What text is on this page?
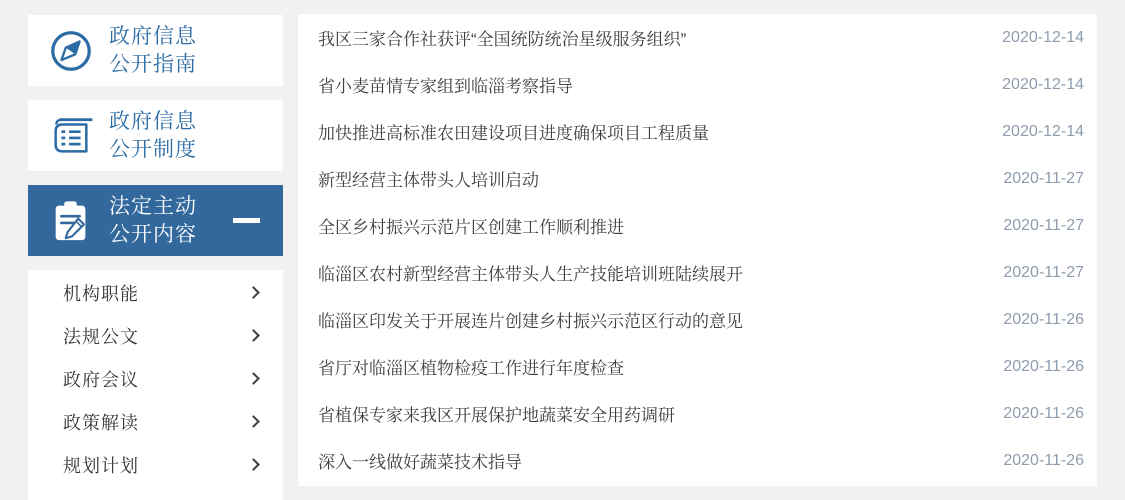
政府信息
公开指南
政府信息
公开制度
法定主动
公开内容
机构职能
法规公文
政府会议
政策解读
规划计划
我区三家合作社获评“全国统防统治星级服务组织”	2020-12-14
省小麦苗情专家组到临淄考察指导	2020-12-14
加快推进高标准农田建设项目进度确保项目工程质量	2020-12-14
新型经营主体带头人培训启动	2020-11-27
全区乡村振兴示范片区创建工作顺利推进	2020-11-27
临淄区农村新型经营主体带头人生产技能培训班陆续展开	2020-11-27
临淄区印发关于开展连片创建乡村振兴示范区行动的意见	2020-11-26
省厅对临淄区植物检疫工作进行年度检查	2020-11-26
省植保专家来我区开展保护地蔬菜安全用药调研	2020-11-26
深入一线做好蔬菜技术指导	2020-11-26
